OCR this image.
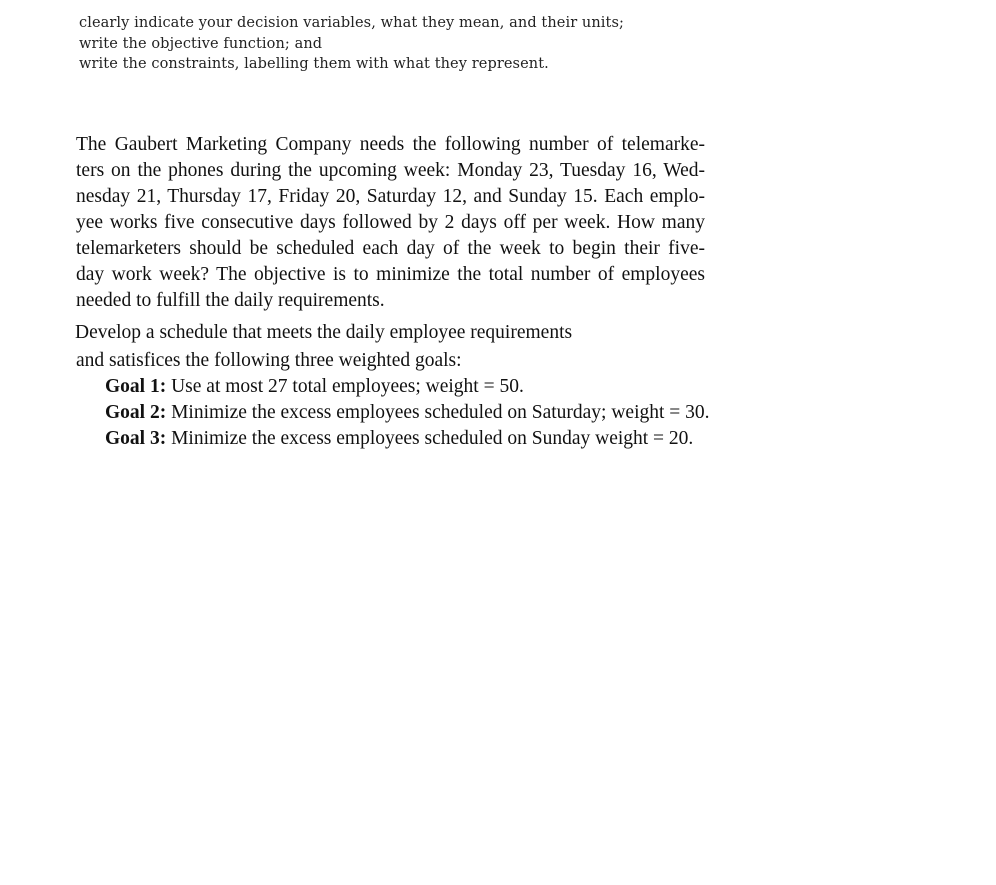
clearly indicate your decision variables, what they mean, and their units;
write the objective function; and
write the constraints, labelling them with what they represent.
The Gaubert Marketing Company needs the following number of telemarke-
ters on the phones during the upcoming week: Monday 23, Tuesday 16, Wed-
nesday 21, Thursday 17, Friday 20, Saturday 12, and Sunday 15. Each emplo-
yee works five consecutive days followed by 2 days off per week. How many
telemarketers should be scheduled each day of the week to begin their five-
day work week? The objective is to minimize the total number of employees
needed to fulfill the daily requirements.
Develop a schedule that meets the daily employee requirements
and satisfices the following three weighted goals:
Goal 1: Use at most 27 total employees; weight = 50.
Goal 2: Minimize the excess employees scheduled on Saturday; weight = 30.
Goal 3: Minimize the excess employees scheduled on Sunday weight = 20.
